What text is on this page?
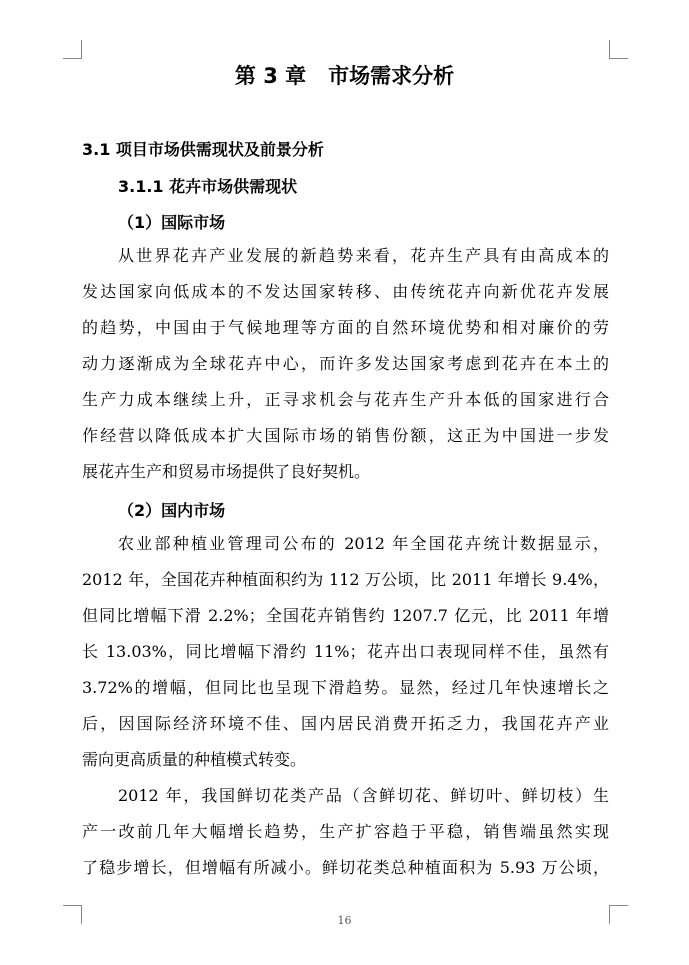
第 3 章   市场需求分析
3.1 项目市场供需现状及前景分析
3.1.1 花卉市场供需现状
（1）国际市场
从世界花卉产业发展的新趋势来看，花卉生产具有由高成本的
发达国家向低成本的不发达国家转移、由传统花卉向新优花卉发展
的趋势，中国由于气候地理等方面的自然环境优势和相对廉价的劳
动力逐渐成为全球花卉中心，而许多发达国家考虑到花卉在本土的
生产力成本继续上升，正寻求机会与花卉生产升本低的国家进行合
作经营以降低成本扩大国际市场的销售份额，这正为中国进一步发
展花卉生产和贸易市场提供了良好契机。
（2）国内市场
农业部种植业管理司公布的 2012 年全国花卉统计数据显示，
2012 年，全国花卉种植面积约为 112 万公顷，比 2011 年增长 9.4%，
但同比增幅下滑 2.2%；全国花卉销售约 1207.7 亿元，比 2011 年增
长 13.03%，同比增幅下滑约 11%；花卉出口表现同样不佳，虽然有
3.72%的增幅，但同比也呈现下滑趋势。显然，经过几年快速增长之
后，因国际经济环境不佳、国内居民消费开拓乏力，我国花卉产业
需向更高质量的种植模式转变。
2012 年，我国鲜切花类产品（含鲜切花、鲜切叶、鲜切枝）生
产一改前几年大幅增长趋势，生产扩容趋于平稳，销售端虽然实现
了稳步增长，但增幅有所减小。鲜切花类总种植面积为 5.93 万公顷，
16
